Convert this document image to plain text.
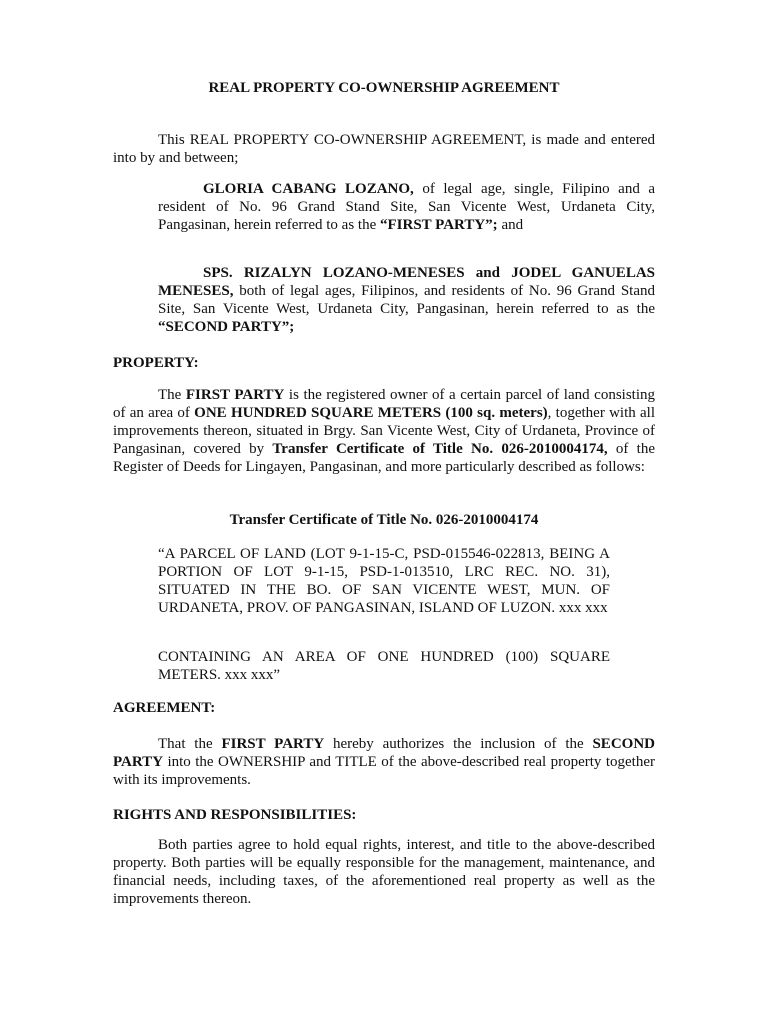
REAL PROPERTY CO-OWNERSHIP AGREEMENT

This REAL PROPERTY CO-OWNERSHIP AGREEMENT, is made and entered into by and between;

GLORIA CABANG LOZANO, of legal age, single, Filipino and a resident of No. 96 Grand Stand Site, San Vicente West, Urdaneta City, Pangasinan, herein referred to as the “FIRST PARTY”; and

SPS. RIZALYN LOZANO-MENESES and JODEL GANUELAS MENESES, both of legal ages, Filipinos, and residents of No. 96 Grand Stand Site, San Vicente West, Urdaneta City, Pangasinan, herein referred to as the “SECOND PARTY”;

PROPERTY:

The FIRST PARTY is the registered owner of a certain parcel of land consisting of an area of ONE HUNDRED SQUARE METERS (100 sq. meters), together with all improvements thereon, situated in Brgy. San Vicente West, City of Urdaneta, Province of Pangasinan, covered by Transfer Certificate of Title No. 026-2010004174, of the Register of Deeds for Lingayen, Pangasinan, and more particularly described as follows:

Transfer Certificate of Title No. 026-2010004174

“A PARCEL OF LAND (LOT 9-1-15-C, PSD-015546-022813, BEING A PORTION OF LOT 9-1-15, PSD-1-013510, LRC REC. NO. 31), SITUATED IN THE BO. OF SAN VICENTE WEST, MUN. OF URDANETA, PROV. OF PANGASINAN, ISLAND OF LUZON. xxx xxx

CONTAINING AN AREA OF ONE HUNDRED (100) SQUARE METERS. xxx xxx”

AGREEMENT:

That the FIRST PARTY hereby authorizes the inclusion of the SECOND PARTY into the OWNERSHIP and TITLE of the above-described real property together with its improvements.

RIGHTS AND RESPONSIBILITIES:

Both parties agree to hold equal rights, interest, and title to the above-described property. Both parties will be equally responsible for the management, maintenance, and financial needs, including taxes, of the aforementioned real property as well as the improvements thereon.
